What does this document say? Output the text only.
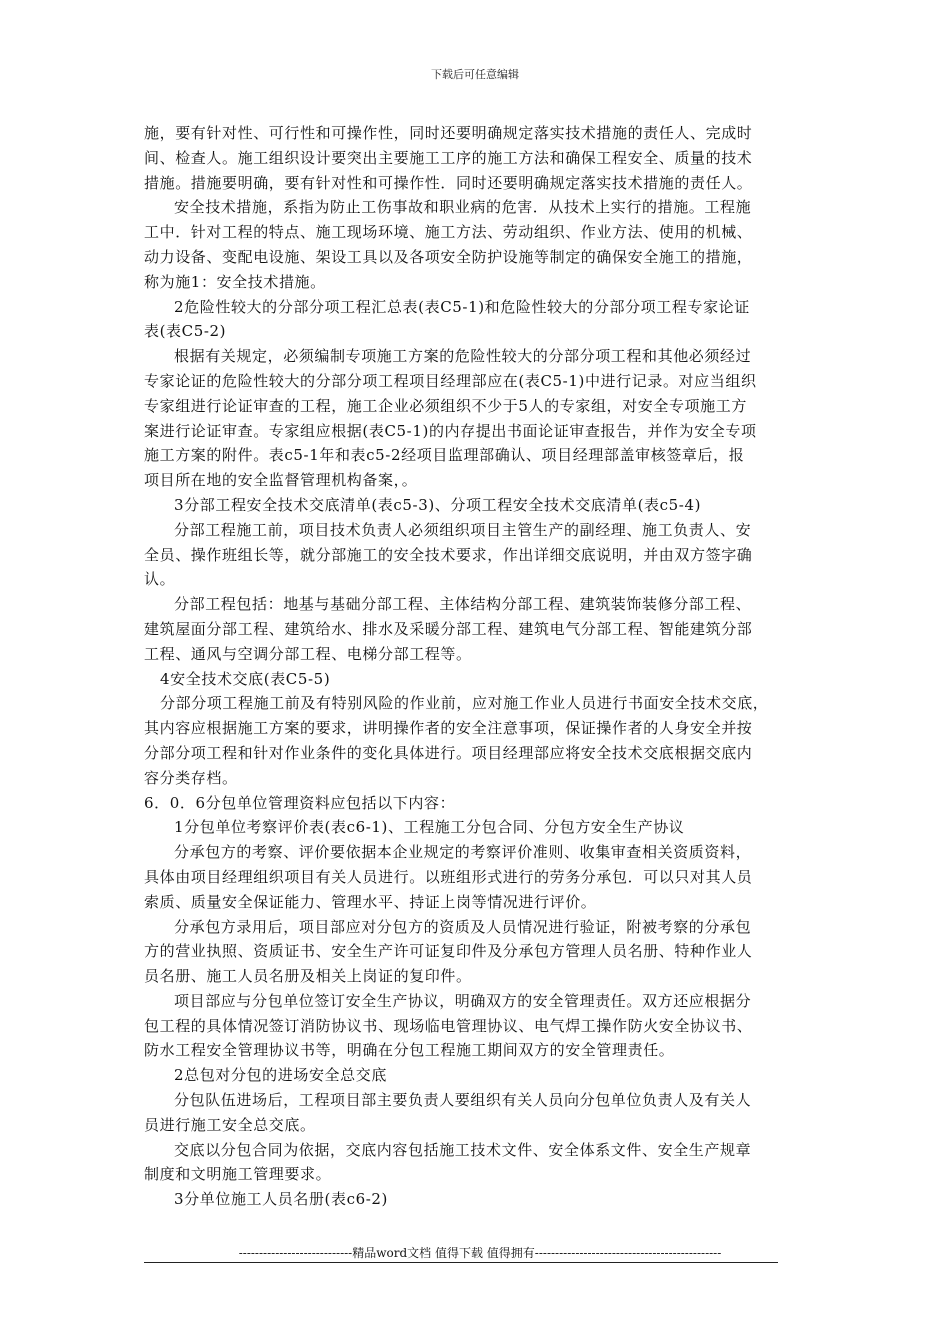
下载后可任意编辑
施，要有针对性、可行性和可操作性，同时还要明确规定落实技术措施的责任人、完成时
间、检查人。施工组织设计要突出主要施工工序的施工方法和确保工程安全、质量的技术
措施。措施要明确，要有针对性和可操作性．同时还要明确规定落实技术措施的责任人。
安全技术措施，系指为防止工伤事故和职业病的危害．从技术上实行的措施。工程施
工中．针对工程的特点、施工现场环境、施工方法、劳动组织、作业方法、使用的机械、
动力设备、变配电设施、架设工具以及各项安全防护设施等制定的确保安全施工的措施，
称为施1：安全技术措施。
2危险性较大的分部分项工程汇总表(表C5-1)和危险性较大的分部分项工程专家论证
表(表C5-2)
根据有关规定，必须编制专项施工方案的危险性较大的分部分项工程和其他必须经过
专家论证的危险性较大的分部分项工程项目经理部应在(表C5-1)中进行记录。对应当组织
专家组进行论证审查的工程，施工企业必须组织不少于5人的专家组，对安全专项施工方
案进行论证审查。专家组应根据(表C5-1)的内存提出书面论证审查报告，并作为安全专项
施工方案的附件。表c5-1年和表c5-2经项目监理部确认、项目经理部盖审核签章后，报
项目所在地的安全监督管理机构备案，。
3分部工程安全技术交底清单(表c5-3)、分项工程安全技术交底清单(表c5-4)
分部工程施工前，项目技术负责人必须组织项目主管生产的副经理、施工负责人、安
全员、操作班组长等，就分部施工的安全技术要求，作出详细交底说明，并由双方签字确
认。
分部工程包括：地基与基础分部工程、主体结构分部工程、建筑装饰装修分部工程、
建筑屋面分部工程、建筑给水、排水及采暖分部工程、建筑电气分部工程、智能建筑分部
工程、通风与空调分部工程、电梯分部工程等。
4安全技术交底(表C5-5)
分部分项工程施工前及有特别风险的作业前，应对施工作业人员进行书面安全技术交底，
其内容应根据施工方案的要求，讲明操作者的安全注意事项，保证操作者的人身安全并按
分部分项工程和针对作业条件的变化具体进行。项目经理部应将安全技术交底根据交底内
容分类存档。
6．0．6分包单位管理资料应包括以下内容：
1分包单位考察评价表(表c6-1)、工程施工分包合同、分包方安全生产协议
分承包方的考察、评价要依据本企业规定的考察评价准则、收集审查相关资质资料，
具体由项目经理组织项目有关人员进行。以班组形式进行的劳务分承包．可以只对其人员
索质、质量安全保证能力、管理水平、持证上岗等情况进行评价。
分承包方录用后，项目部应对分包方的资质及人员情况进行验证，附被考察的分承包
方的营业执照、资质证书、安全生产许可证复印件及分承包方管理人员名册、特种作业人
员名册、施工人员名册及相关上岗证的复印件。
项目部应与分包单位签订安全生产协议，明确双方的安全管理责任。双方还应根据分
包工程的具体情况签订消防协议书、现场临电管理协议、电气焊工操作防火安全协议书、
防水工程安全管理协议书等，明确在分包工程施工期间双方的安全管理责任。
2总包对分包的进场安全总交底
分包队伍进场后，工程项目部主要负责人要组织有关人员向分包单位负责人及有关人
员进行施工安全总交底。
交底以分包合同为依据，交底内容包括施工技术文件、安全体系文件、安全生产规章
制度和文明施工管理要求。
3分单位施工人员名册(表c6-2)
----------------------------精品word文档 值得下载 值得拥有----------------------------------------------
